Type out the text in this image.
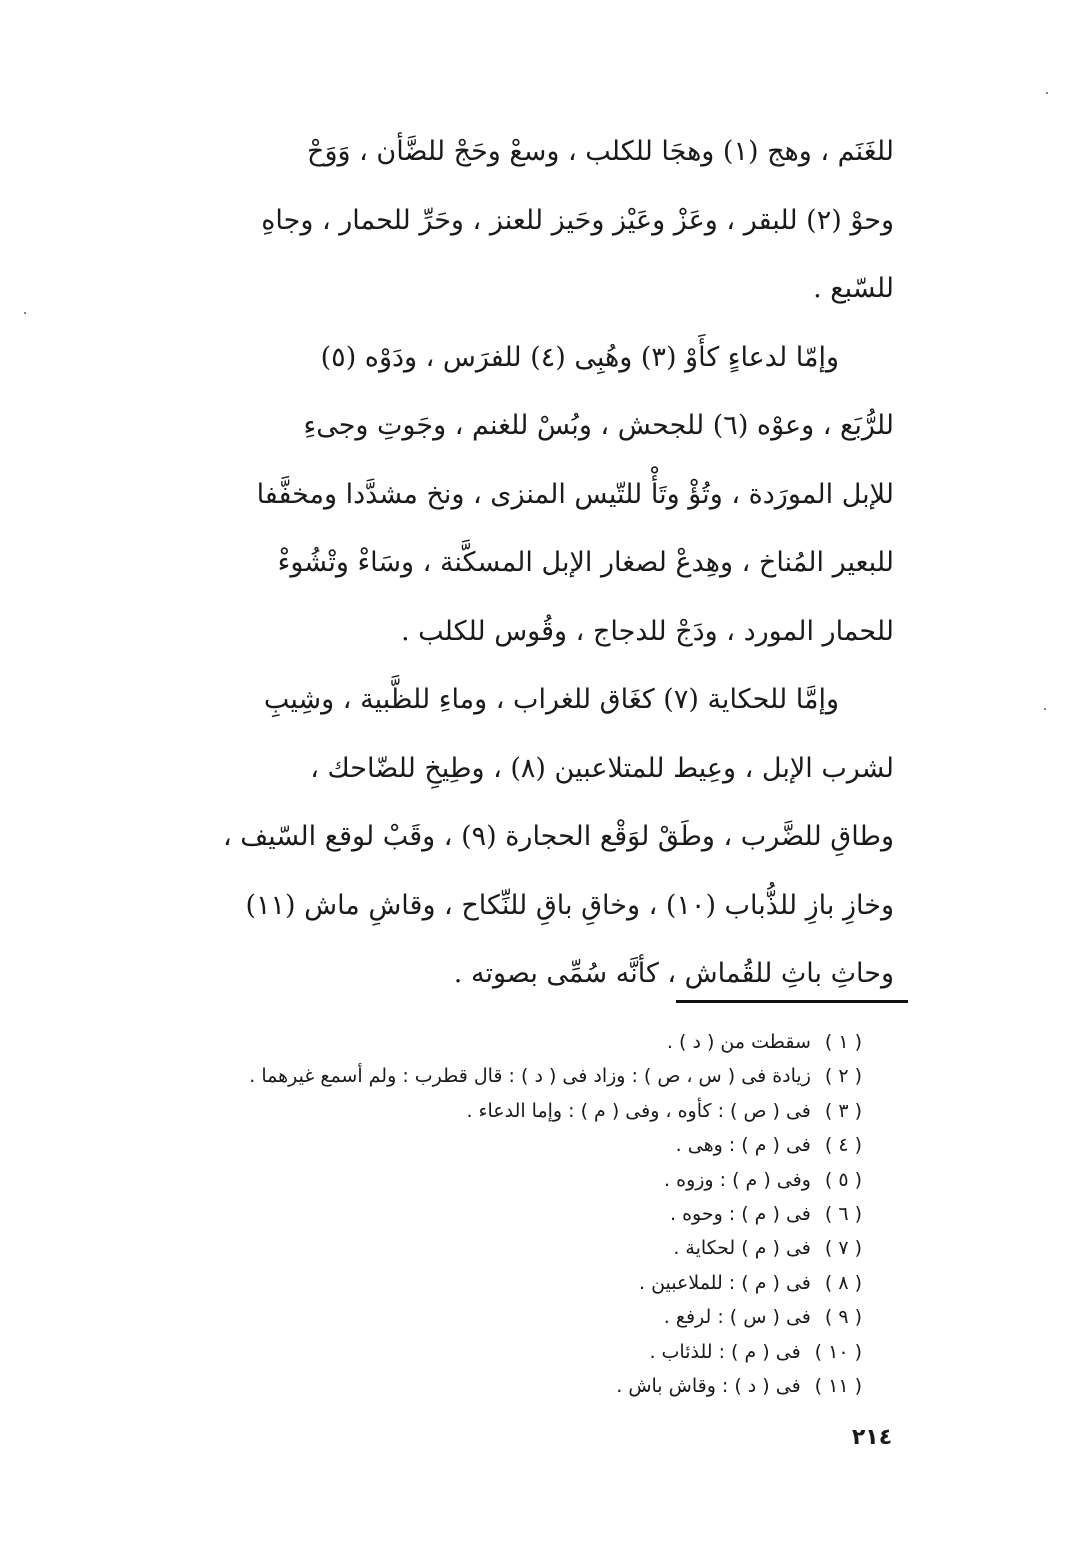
للغَنَم ، وهج (١) وهجَا للكلب ، وسعْ وحَجْ للضَّأن ، وَوَحْ
وحوْ (٢) للبقر ، وعَزْ وعَيْز وحَيز للعنز ، وحَرِّ للحمار ، وجاهِ
للسّبع .
وإمّا لدعاءٍ كأَوْ (٣) وهُبِى (٤) للفرَس ، ودَوْه (٥)
للرُّبَع ، وعوْه (٦) للجحش ، وبُسْ للغنم ، وجَوتِ وجىءِ
للإبل المورَدة ، وتُؤْ وتَأْ للتّيس المنزى ، ونخ مشدَّدا ومخفَّفا
للبعير المُناخ ، وهِدعْ لصغار الإبل المسكَّنة ، وسَاءْ وتْشُوءْ
للحمار المورد ، ودَجْ للدجاج ، وقُوس للكلب .
وإمَّا للحكاية (٧) كغَاق للغراب ، وماءِ للظَّبية ، وشِيبِ
لشرب الإبل ، وعِيط للمتلاعبين (٨) ، وطِيخِ للضّاحك ،
وطاقِ للضَّرب ، وطَقْ لوَقْع الحجارة (٩) ، وقَبْ لوقع السّيف ،
وخازِ بازِ للذُّباب (١٠) ، وخاقِ باقِ للنِّكاح ، وقاشِ ماش (١١)
وحاثِ باثِ للقُماش ، كأنَّه سُمِّى بصوته .
( ١ )سقطت من ( د ) .
( ٢ )زيادة فى ( س ، ص ) : وزاد فى ( د ) : قال قطرب : ولم أسمع غيرهما .
( ٣ )فى ( ص ) : كأوه ، وفى ( م ) : وإما الدعاء .
( ٤ )فى ( م ) : وهى .
( ٥ )وفى ( م ) : وزوه .
( ٦ )فى ( م ) : وحوه .
( ٧ )فى ( م ) لحكاية .
( ٨ )فى ( م ) : للملاعبين .
( ٩ )فى ( س ) : لرفع .
( ١٠ )فى ( م ) : للذئاب .
( ١١ )فى ( د ) : وقاش باش .
٢١٤
